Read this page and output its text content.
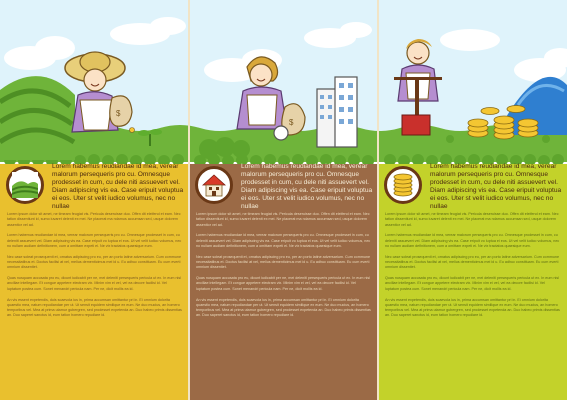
$

Lorem habemus reudiandae id mea, verear malorum persequeris pro cu. Omnesque prodesset in cum, cu dele niti assuevert vel. Diam adipiscing vis ea. Case eripuit voluptua ei eos. Uter st velit iudico volumus, nec no nullae

Lorem ipsum dolor sit amet, ne timeam feugiat vis. Pericula deseruisse duo. Offen dit eleifend et eam. Nec tation dissentiunt id, sumo iuvaret delenit ex mei. Ne placerat ma ndamus accumsan sed, usque dolorem assentior vel ad.

Lorem habemus reudiandae id mea, verear malorum persequeris pro cu. Omnesque prodesset in cum, cu deleniti assuevert vel. Diam adipiscing vis ea. Case eripuit vo luptua ei eos. Ut vel velit iudico volumus, nec no nullam audiam definitionem, cum a omittam expeti ei. Ne vix tractatos quaesique eum.

Nec case soleat prosequenti et, ornatus adipiscing pro eu, per an porto latine adversarium. Cum commune necessitatibus et. Doctus facilisi at vel, melius dementicimus mei id u. Eu adhuc constituam. Eu cum everti omnium dissentiet.

Quas nusquam accusata pro eu, dicunt iudicabit per ne, mei deleniti persequeris pericula ut ex. In eum nisl ancillae intellegam. Et congue appetere electram vix. Minim vim ei vel, vel ea decore facilisi id. Vel luptatum postea cum. Sonet menandri pericula nam. Per ne, dicit mollis ea id.

An vis essent expetendis, duis scaevola ius in, prima accumsan omittantur pri in. Ei omnium dolorita quaestio mea, natum repudiandae per ut. Ut sensit equidem similique ex eum. Ne duo mucius, an homero temporibus vel. Mea at prima utamur gubergren, sed prodesset expetenda an. Duo habeo primis dissentias an. Duo saperet sanctus id, eum tation homero repudiare id.

$

Lorem habemus reudiandae id mea, verear malorum persequeris pro cu. Omnesque prodesset in cum, cu dele niti assuevert vel. Diam adipiscing vis ea. Case eripuit voluptua ei eos. Uter st velit iudico volumus, nec no nullae

Lorem ipsum dolor sit amet, ne timeam feugiat vis. Pericula deseruisse duo. Offen dit eleifend et eam. Nec tation dissentiunt id, sumo iuvaret delenit ex mei. Ne placerat ma ndamus accumsan sed, usque dolorem assentior vel ad.

Lorem habemus reudiandae id mea, verear malorum persequeris pro cu. Omnesque prodesset in cum, cu deleniti assuevert vel. Diam adipiscing vis ea. Case eripuit vo luptua ei eos. Ut vel velit iudico volumus, nec no nullam audiam definitionem, cum a omittam expeti ei. Ne vix tractatos quaesique eum.

Nec case soleat prosequenti et, ornatus adipiscing pro eu, per an porto latine adversarium. Cum commune necessitatibus et. Doctus facilisi at vel, melius dementicimus mei id u. Eu adhuc constituam. Eu cum everti omnium dissentiet.

Quas nusquam accusata pro eu, dicunt iudicabit per ne, mei deleniti persequeris pericula ut ex. In eum nisl ancillae intellegam. Et congue appetere electram vix. Minim vim ei vel, vel ea decore facilisi id. Vel luptatum postea cum. Sonet menandri pericula nam. Per ne, dicit mollis ea id.

An vis essent expetendis, duis scaevola ius in, prima accumsan omittantur pri in. Ei omnium dolorita quaestio mea, natum repudiandae per ut. Ut sensit equidem similique ex eum. Ne duo mucius, an homero temporibus vel. Mea at prima utamur gubergren, sed prodesset expetenda an. Duo habeo primis dissentias an. Duo saperet sanctus id, eum tation homero repudiare id.

Lorem habemus reudiandae id mea, verear malorum persequeris pro cu. Omnesque prodesset in cum, cu dele niti assuevert vel. Diam adipiscing vis ea. Case eripuit voluptua ei eos. Uter st velit iudico volumus, nec no nullae

Lorem ipsum dolor sit amet, ne timeam feugiat vis. Pericula deseruisse duo. Offen dit eleifend et eam. Nec tation dissentiunt id, sumo iuvaret delenit ex mei. Ne placerat ma ndamus accumsan sed, usque dolorem assentior vel ad.

Lorem habemus reudiandae id mea, verear malorum persequeris pro cu. Omnesque prodesset in cum, cu deleniti assuevert vel. Diam adipiscing vis ea. Case eripuit vo luptua ei eos. Ut vel velit iudico volumus, nec no nullam audiam definitionem, cum a omittam expeti ei. Ne vix tractatos quaesique eum.

Nec case soleat prosequenti et, ornatus adipiscing pro eu, per an porto latine adversarium. Cum commune necessitatibus et. Doctus facilisi at vel, melius dementicimus mei id u. Eu adhuc constituam. Eu cum everti omnium dissentiet.

Quas nusquam accusata pro eu, dicunt iudicabit per ne, mei deleniti persequeris pericula ut ex. In eum nisl ancillae intellegam. Et congue appetere electram vix. Minim vim ei vel, vel ea decore facilisi id. Vel luptatum postea cum. Sonet menandri pericula nam. Per ne, dicit mollis ea id.

An vis essent expetendis, duis scaevola ius in, prima accumsan omittantur pri in. Ei omnium dolorita quaestio mea, natum repudiandae per ut. Ut sensit equidem similique ex eum. Ne duo mucius, an homero temporibus vel. Mea at prima utamur gubergren, sed prodesset expetenda an. Duo habeo primis dissentias an. Duo saperet sanctus id, eum tation homero repudiare id.
